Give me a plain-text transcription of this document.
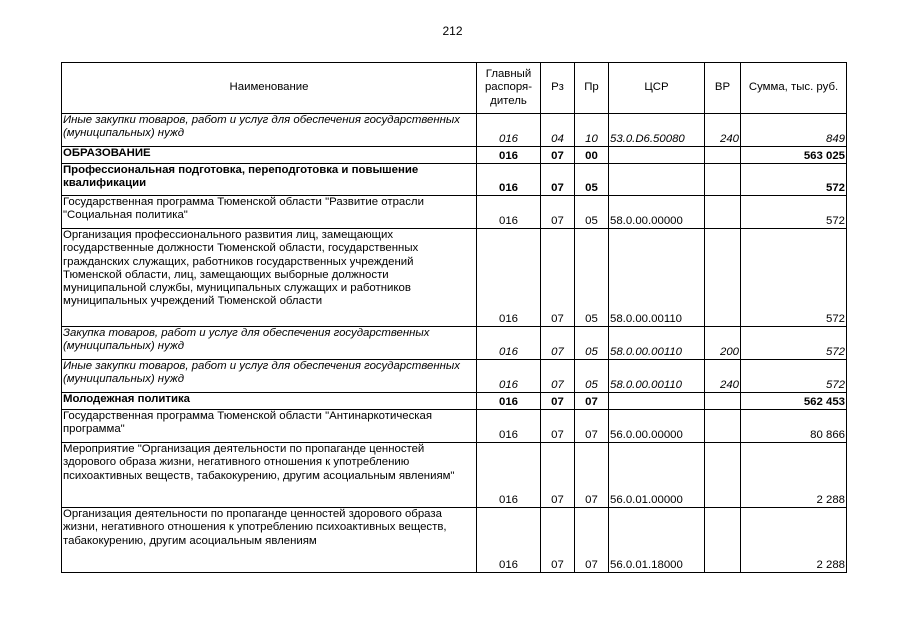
212
Наименование	Главный распоря-дитель	Рз	Пр	ЦСР	ВР	Сумма, тыс. руб.
Иные закупки товаров, работ и услуг для обеспечения государственных (муниципальных) нужд	016	04	10	53.0.D6.50080	240	849
ОБРАЗОВАНИЕ	016	07	00			563 025
Профессиональная подготовка, переподготовка и повышение квалификации	016	07	05			572
Государственная программа Тюменской области "Развитие отрасли "Социальная политика"	016	07	05	58.0.00.00000		572
Организация профессионального развития лиц, замещающих государственные должности Тюменской области, государственных гражданских служащих, работников государственных учреждений Тюменской области, лиц, замещающих выборные должности муниципальной службы, муниципальных служащих и работников муниципальных учреждений Тюменской области	016	07	05	58.0.00.00110		572
Закупка товаров, работ и услуг для обеспечения государственных (муниципальных) нужд	016	07	05	58.0.00.00110	200	572
Иные закупки товаров, работ и услуг для обеспечения государственных (муниципальных) нужд	016	07	05	58.0.00.00110	240	572
Молодежная политика	016	07	07			562 453
Государственная программа Тюменской области "Антинаркотическая программа"	016	07	07	56.0.00.00000		80 866
Мероприятие "Организация деятельности по пропаганде ценностей здорового образа жизни, негативного отношения к употреблению психоактивных веществ, табакокурению, другим асоциальным явлениям"	016	07	07	56.0.01.00000		2 288
Организация деятельности по пропаганде ценностей здорового образа жизни, негативного отношения к употреблению психоактивных веществ, табакокурению, другим асоциальным явлениям	016	07	07	56.0.01.18000		2 288
